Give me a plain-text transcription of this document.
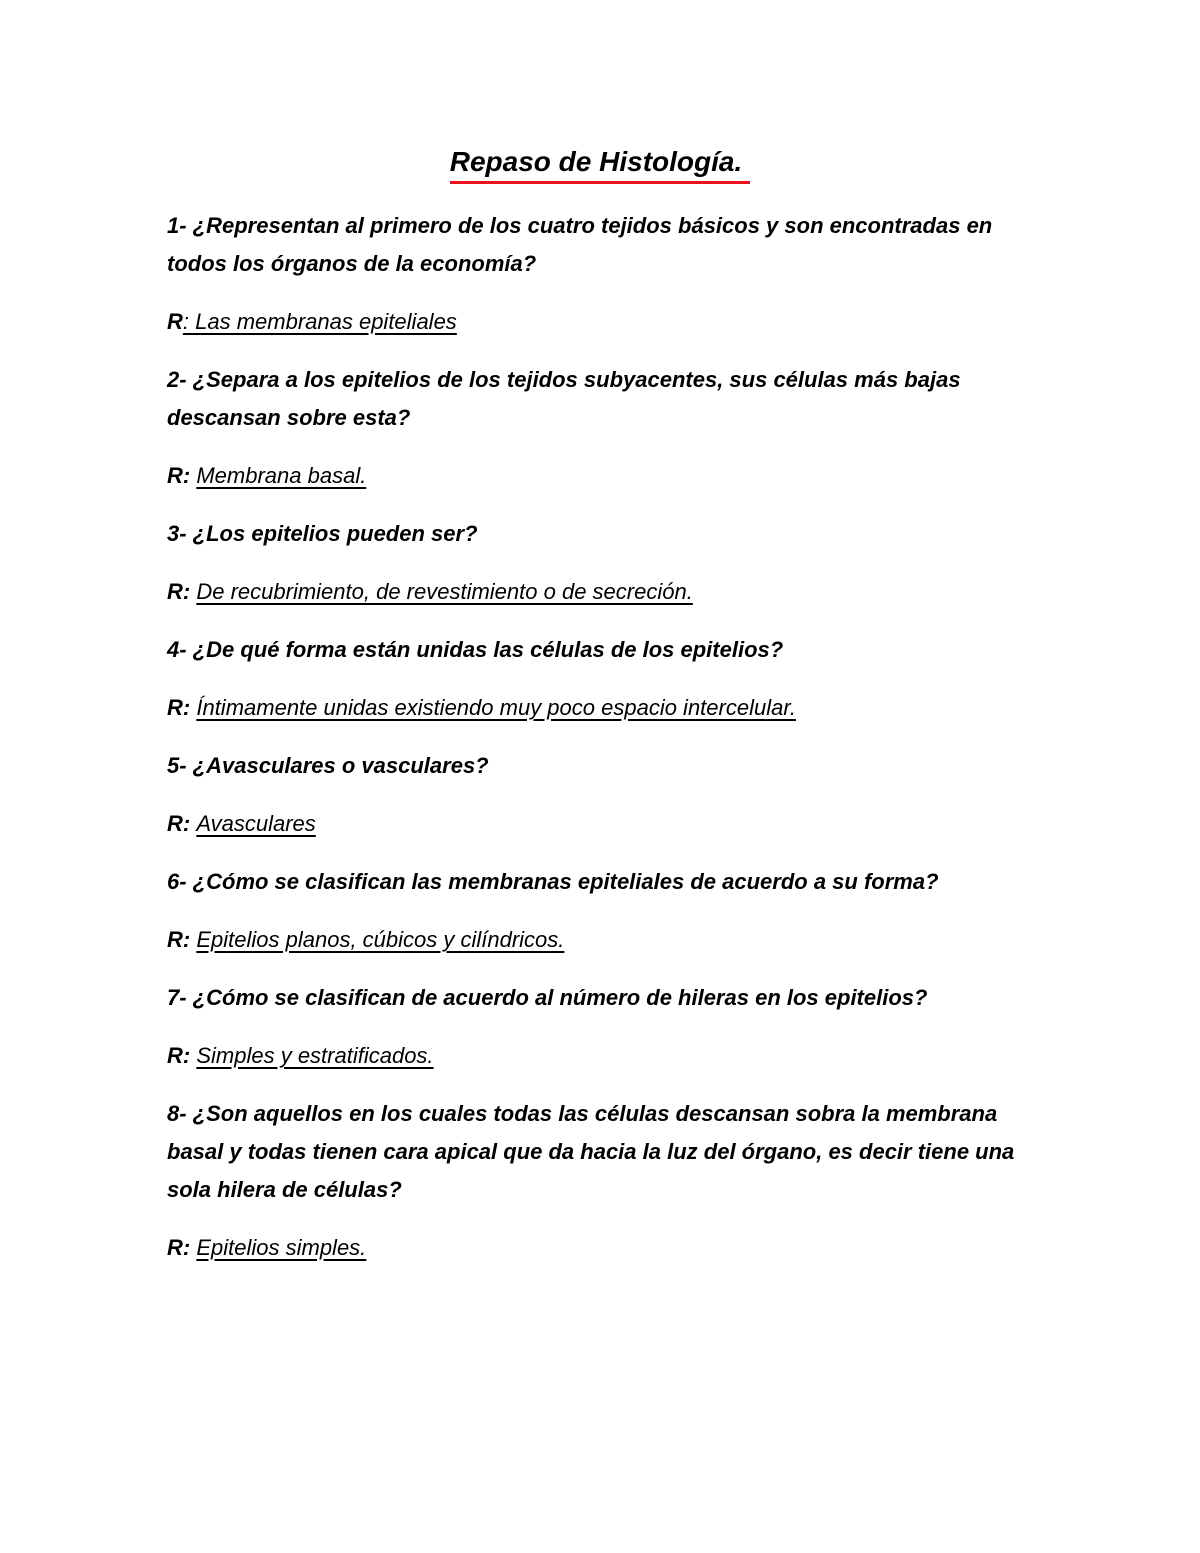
Repaso de Histología.

1- ¿Representan al primero de los cuatro tejidos básicos y son encontradas en todos los órganos de la economía?

R: Las membranas epiteliales

2- ¿Separa a los epitelios de los tejidos subyacentes, sus células más bajas descansan sobre esta?

R: Membrana basal.

3- ¿Los epitelios pueden ser?

R: De recubrimiento, de revestimiento o de secreción.

4- ¿De qué forma están unidas las células de los epitelios?

R: Íntimamente unidas existiendo muy poco espacio intercelular.

5- ¿Avasculares o vasculares?

R: Avasculares

6- ¿Cómo se clasifican las membranas epiteliales de acuerdo a su forma?

R: Epitelios planos, cúbicos y cilíndricos.

7- ¿Cómo se clasifican de acuerdo al número de hileras en los epitelios?

R: Simples y estratificados.

8- ¿Son aquellos en los cuales todas las células descansan sobra la membrana basal y todas tienen cara apical que da hacia la luz del órgano, es decir tiene una sola hilera de células?

R: Epitelios simples.
